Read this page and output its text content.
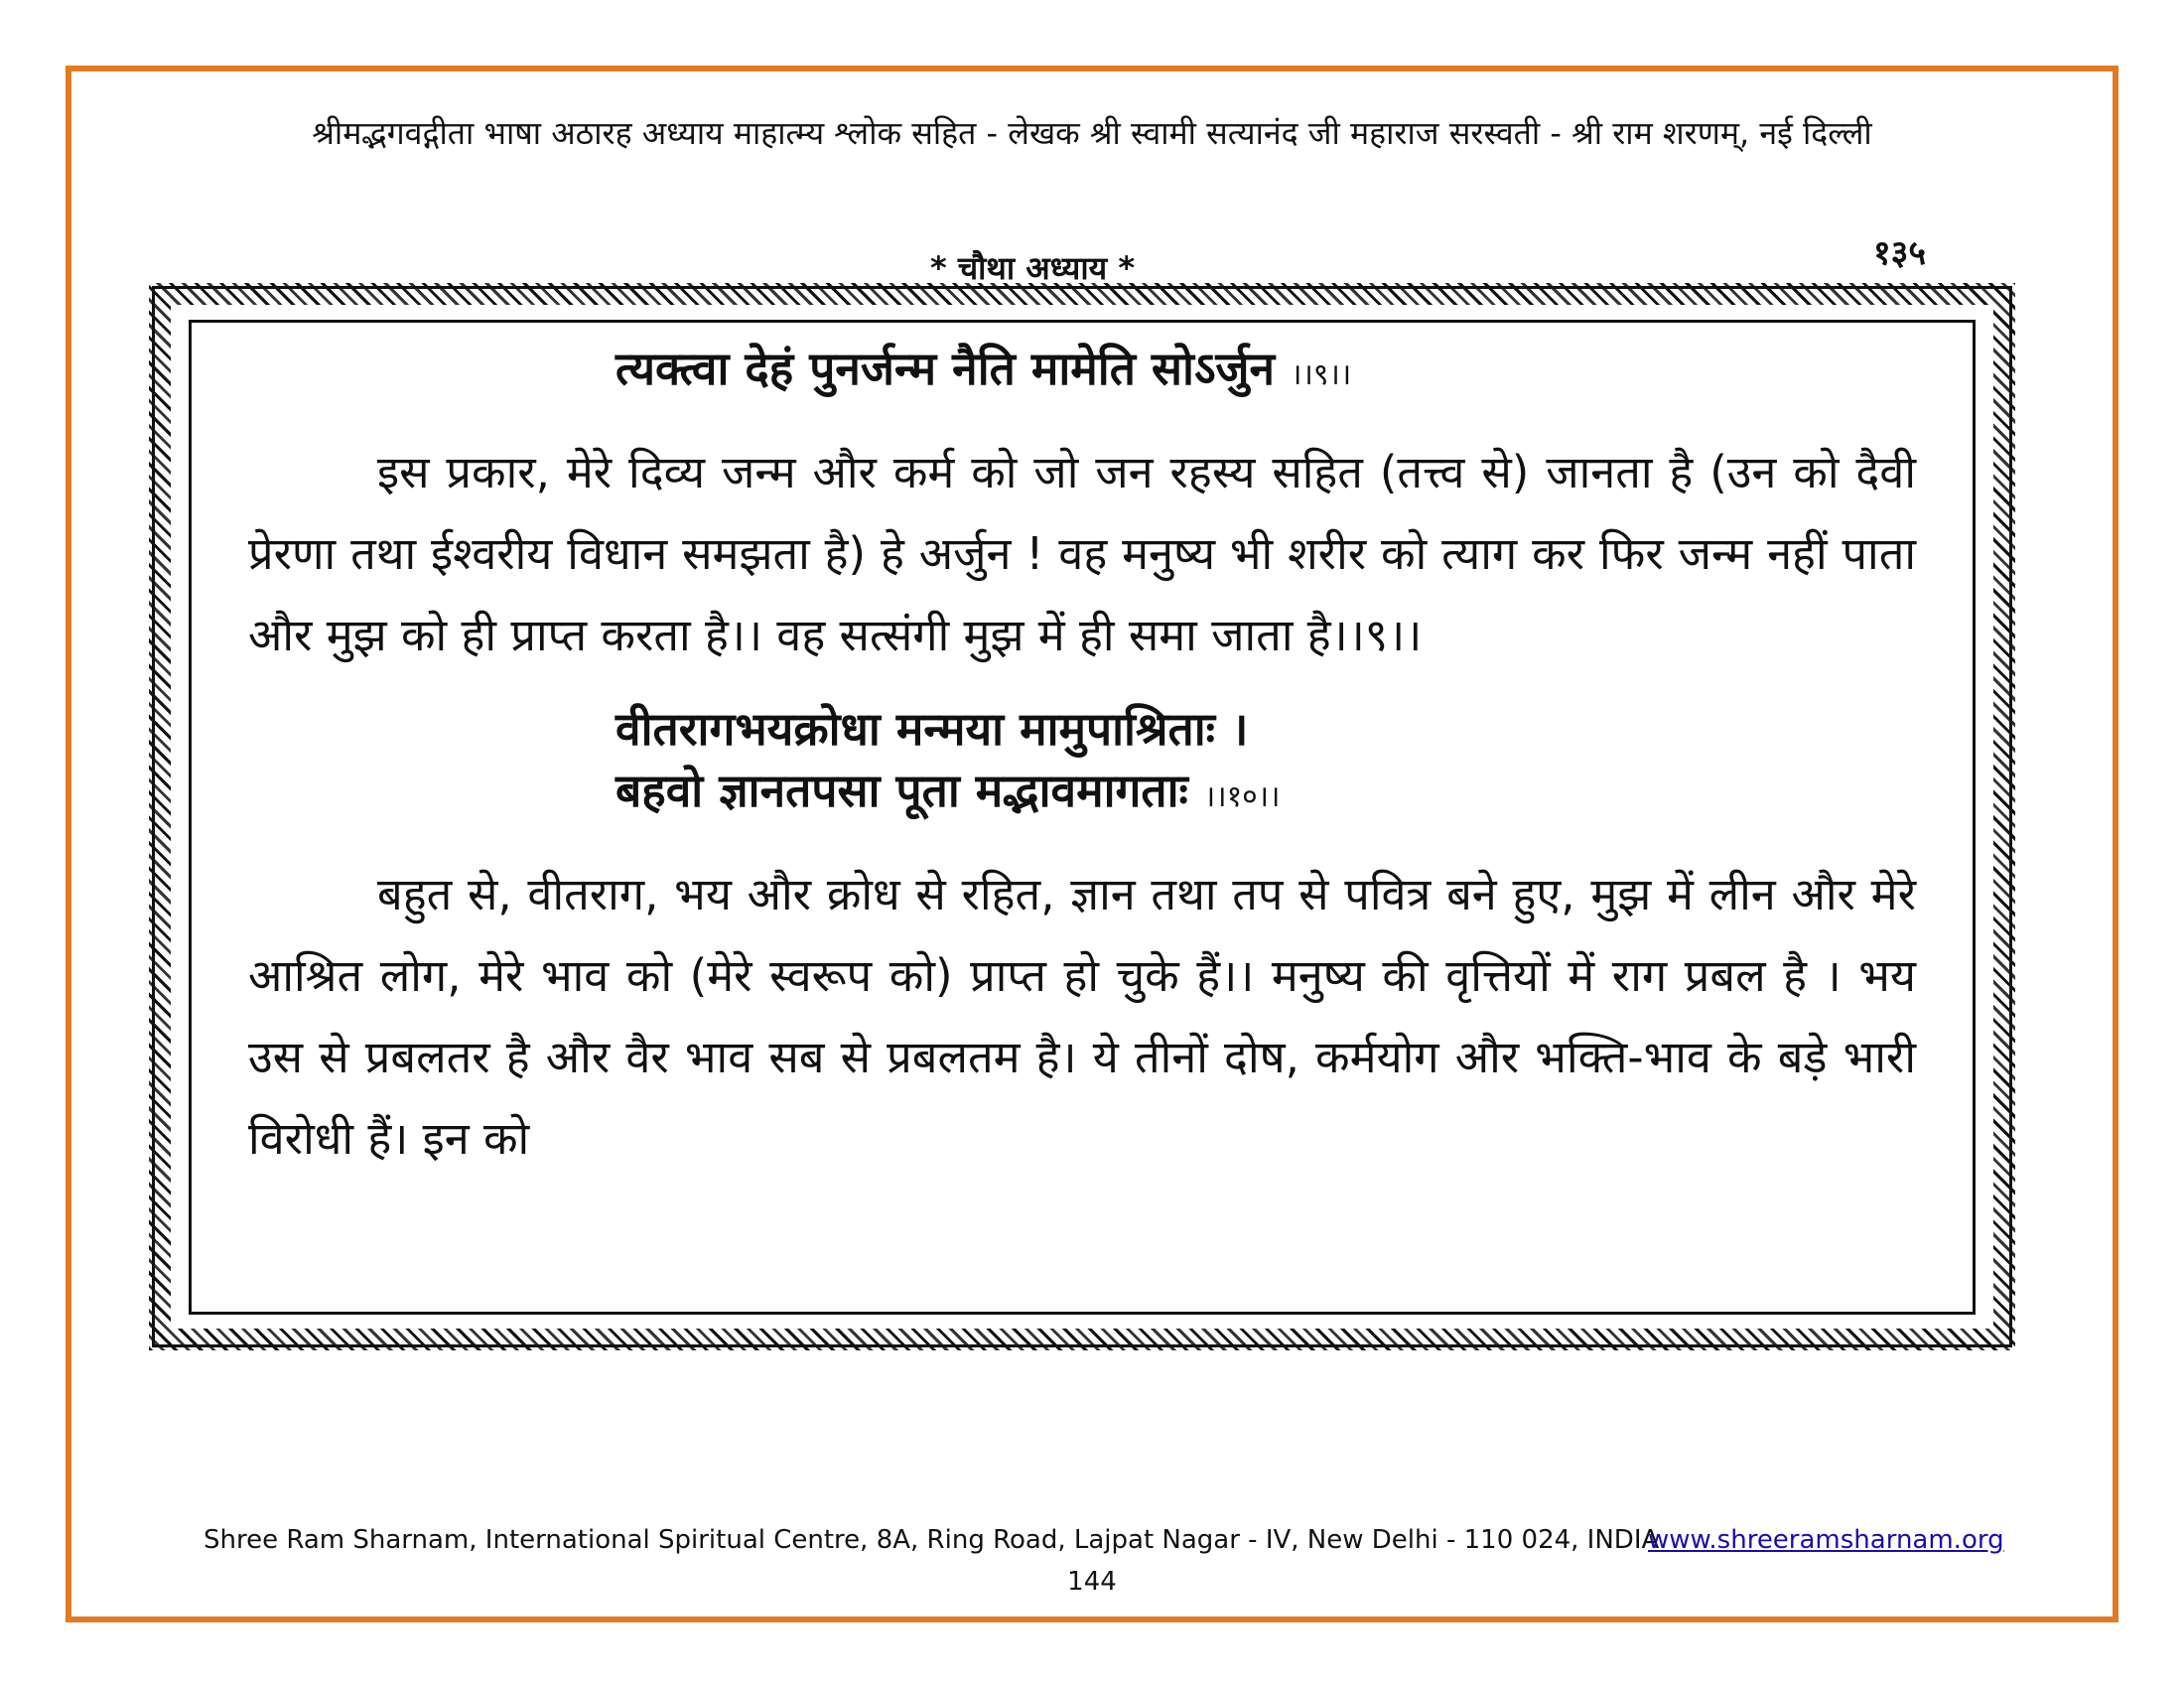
श्रीमद्भगवद्गीता भाषा अठारह अध्याय माहात्म्य श्लोक सहित - लेखक श्री स्वामी सत्यानंद जी महाराज सरस्वती - श्री राम शरणम्, नई दिल्ली
* चौथा अध्याय *	१३५
त्यक्त्वा देहं पुनर्जन्म नैति मामेति सोऽर्जुन ।।९।।
इस प्रकार, मेरे दिव्य जन्म और कर्म को जो जन रहस्य सहित (तत्त्व से) जानता है (उन को दैवी प्रेरणा तथा ईश्वरीय विधान समझता है) हे अर्जुन ! वह मनुष्य भी शरीर को त्याग कर फिर जन्म नहीं पाता और मुझ को ही प्राप्त करता है।। वह सत्संगी मुझ में ही समा जाता है।।९।।
वीतरागभयक्रोधा मन्मया मामुपाश्रिताः ।
बहवो ज्ञानतपसा पूता मद्भावमागताः ।।१०।।
बहुत से, वीतराग, भय और क्रोध से रहित, ज्ञान तथा तप से पवित्र बने हुए, मुझ में लीन और मेरे आश्रित लोग, मेरे भाव को (मेरे स्वरूप को) प्राप्त हो चुके हैं।। मनुष्य की वृत्तियों में राग प्रबल है । भय उस से प्रबलतर है और वैर भाव सब से प्रबलतम है। ये तीनों दोष, कर्मयोग और भक्ति-भाव के बड़े भारी विरोधी हैं। इन को
Shree Ram Sharnam, International Spiritual Centre, 8A, Ring Road, Lajpat Nagar - IV, New Delhi - 110 024, INDIA
www.shreeramsharnam.org
144
